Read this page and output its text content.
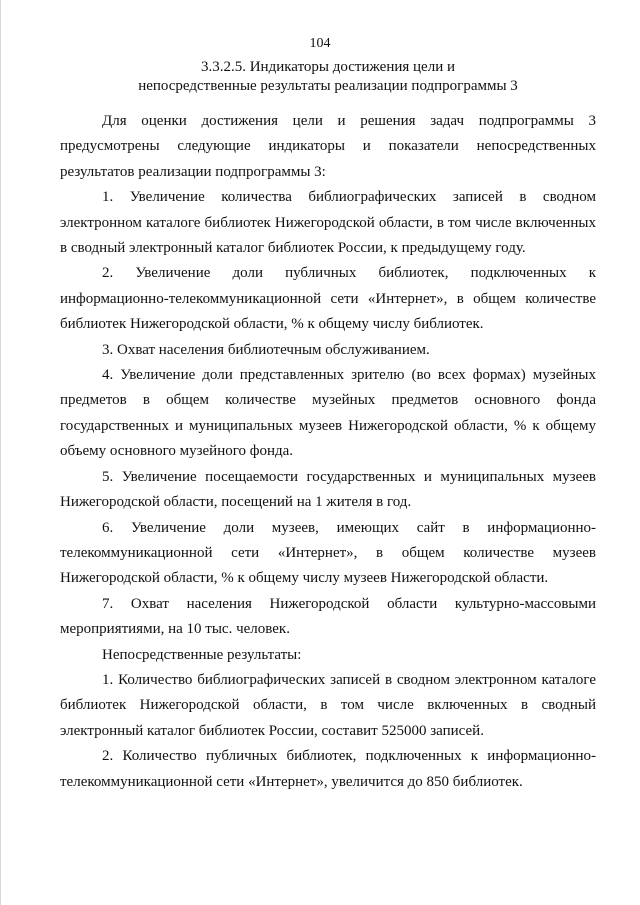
104
3.3.2.5. Индикаторы достижения цели и
непосредственные результаты реализации подпрограммы 3

Для оценки достижения цели и решения задач подпрограммы 3 предусмотрены следующие индикаторы и показатели непосредственных результатов реализации подпрограммы 3:

1. Увеличение количества библиографических записей в сводном электронном каталоге библиотек Нижегородской области, в том числе включенных в сводный электронный каталог библиотек России, к предыдущему году.

2. Увеличение доли публичных библиотек, подключенных к информационно-телекоммуникационной сети «Интернет», в общем количестве библиотек Нижегородской области, % к общему числу библиотек.

3. Охват населения библиотечным обслуживанием.

4. Увеличение доли представленных зрителю (во всех формах) музейных предметов в общем количестве музейных предметов основного фонда государственных и муниципальных музеев Нижегородской области, % к общему объему основного музейного фонда.

5. Увеличение посещаемости государственных и муниципальных музеев Нижегородской области, посещений на 1 жителя в год.

6. Увеличение доли музеев, имеющих сайт в информационно-телекоммуникационной сети «Интернет», в общем количестве музеев Нижегородской области, % к общему числу музеев Нижегородской области.

7. Охват населения Нижегородской области культурно-массовыми мероприятиями, на 10 тыс. человек.

Непосредственные результаты:

1. Количество библиографических записей в сводном электронном каталоге библиотек Нижегородской области, в том числе включенных в сводный электронный каталог библиотек России, составит 525000 записей.

2. Количество публичных библиотек, подключенных к информационно-телекоммуникационной сети «Интернет», увеличится до 850 библиотек.
